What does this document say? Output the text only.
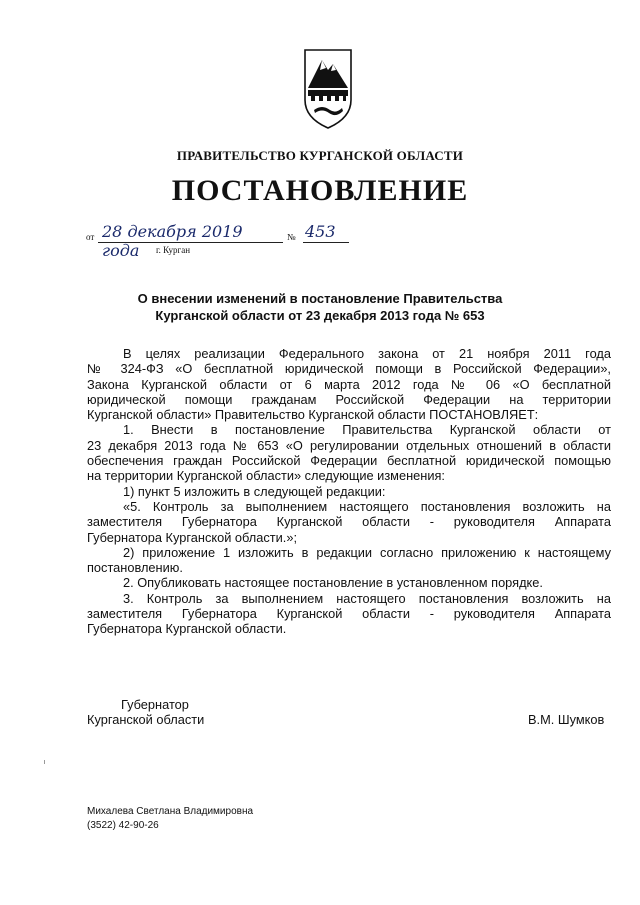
ПРАВИТЕЛЬСТВО КУРГАНСКОЙ ОБЛАСТИ
ПОСТАНОВЛЕНИЕ
от 28 декабря 2019 года
№ 453
г. Курган
О внесении изменений в постановление Правительства
Курганской области от 23 декабря 2013 года № 653
В целях реализации Федерального закона от 21 ноября 2011 года
№ 324-ФЗ «О бесплатной юридической помощи в Российской Федерации»,
Закона Курганской области от 6 марта 2012 года № 06 «О бесплатной
юридической помощи гражданам Российской Федерации на территории
Курганской области» Правительство Курганской области ПОСТАНОВЛЯЕТ:
1. Внести в постановление Правительства Курганской области от
23 декабря 2013 года № 653 «О регулировании отдельных отношений в области
обеспечения граждан Российской Федерации бесплатной юридической помощью
на территории Курганской области» следующие изменения:
1) пункт 5 изложить в следующей редакции:
«5. Контроль за выполнением настоящего постановления возложить на
заместителя Губернатора Курганской области - руководителя Аппарата
Губернатора Курганской области.»;
2) приложение 1 изложить в редакции согласно приложению к настоящему
постановлению.
2. Опубликовать настоящее постановление в установленном порядке.
3. Контроль за выполнением настоящего постановления возложить на
заместителя Губернатора Курганской области - руководителя Аппарата
Губернатора Курганской области.
Губернатор
Курганской области	В.М. Шумков
Михалева Светлана Владимировна
(3522) 42-90-26
